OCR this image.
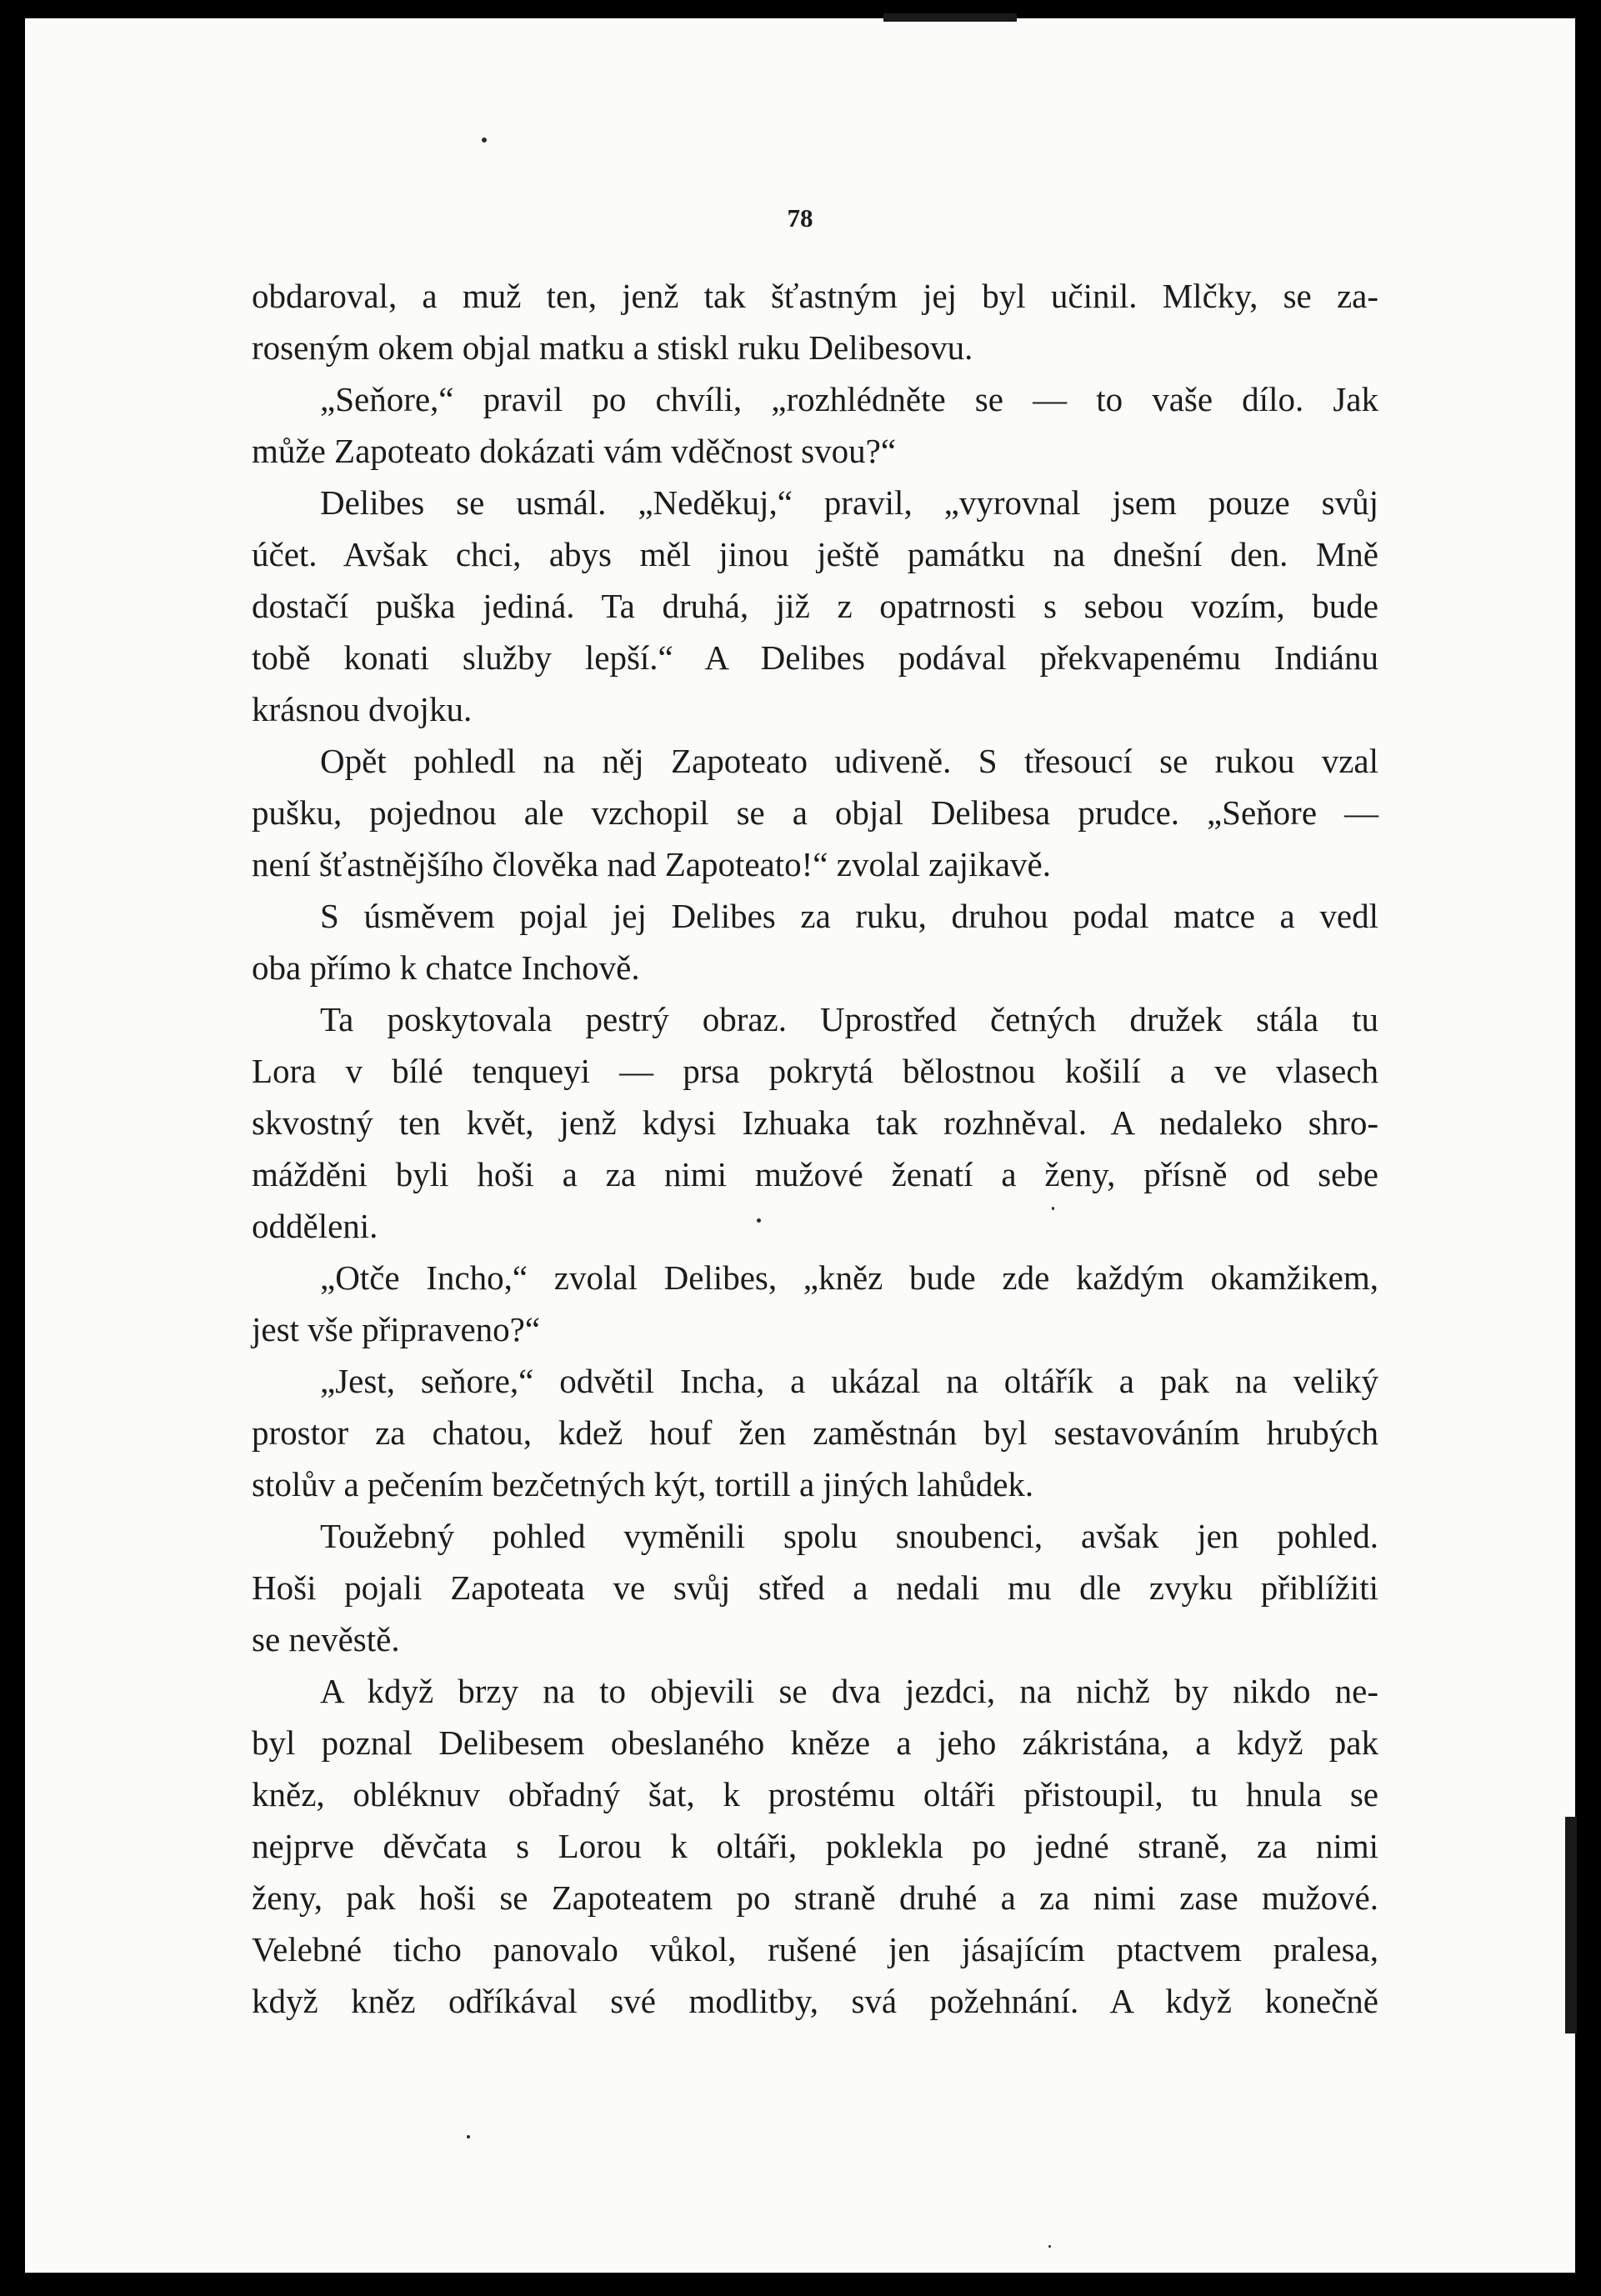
78
obdaroval, a muž ten, jenž tak šťastným jej byl učinil. Mlčky, se za-
roseným okem objal matku a stiskl ruku Delibesovu.
„Seňore,“ pravil po chvíli, „rozhlédněte se — to vaše dílo. Jak
může Zapoteato dokázati vám vděčnost svou?“
Delibes se usmál. „Neděkuj,“ pravil, „vyrovnal jsem pouze svůj
účet. Avšak chci, abys měl jinou ještě památku na dnešní den. Mně
dostačí puška jediná. Ta druhá, již z opatrnosti s sebou vozím, bude
tobě konati služby lepší.“ A Delibes podával překvapenému Indiánu
krásnou dvojku.
Opět pohledl na něj Zapoteato udiveně. S třesoucí se rukou vzal
pušku, pojednou ale vzchopil se a objal Delibesa prudce. „Seňore —
není šťastnějšího člověka nad Zapoteato!“ zvolal zajikavě.
S úsměvem pojal jej Delibes za ruku, druhou podal matce a vedl
oba přímo k chatce Inchově.
Ta poskytovala pestrý obraz. Uprostřed četných družek stála tu
Lora v bílé tenqueyi — prsa pokrytá bělostnou košilí a ve vlasech
skvostný ten květ, jenž kdysi Izhuaka tak rozhněval. A nedaleko shro-
mážděni byli hoši a za nimi mužové ženatí a ženy, přísně od sebe
odděleni.
„Otče Incho,“ zvolal Delibes, „kněz bude zde každým okamžikem,
jest vše připraveno?“
„Jest, seňore,“ odvětil Incha, a ukázal na oltářík a pak na veliký
prostor za chatou, kdež houf žen zaměstnán byl sestavováním hrubých
stolův a pečením bezčetných kýt, tortill a jiných lahůdek.
Toužebný pohled vyměnili spolu snoubenci, avšak jen pohled.
Hoši pojali Zapoteata ve svůj střed a nedali mu dle zvyku přiblížiti
se nevěstě.
A když brzy na to objevili se dva jezdci, na nichž by nikdo ne-
byl poznal Delibesem obeslaného kněze a jeho zákristána, a když pak
kněz, obléknuv obřadný šat, k prostému oltáři přistoupil, tu hnula se
nejprve děvčata s Lorou k oltáři, poklekla po jedné straně, za nimi
ženy, pak hoši se Zapoteatem po straně druhé a za nimi zase mužové.
Velebné ticho panovalo vůkol, rušené jen jásajícím ptactvem pralesa,
když kněz odříkával své modlitby, svá požehnání. A když konečně
